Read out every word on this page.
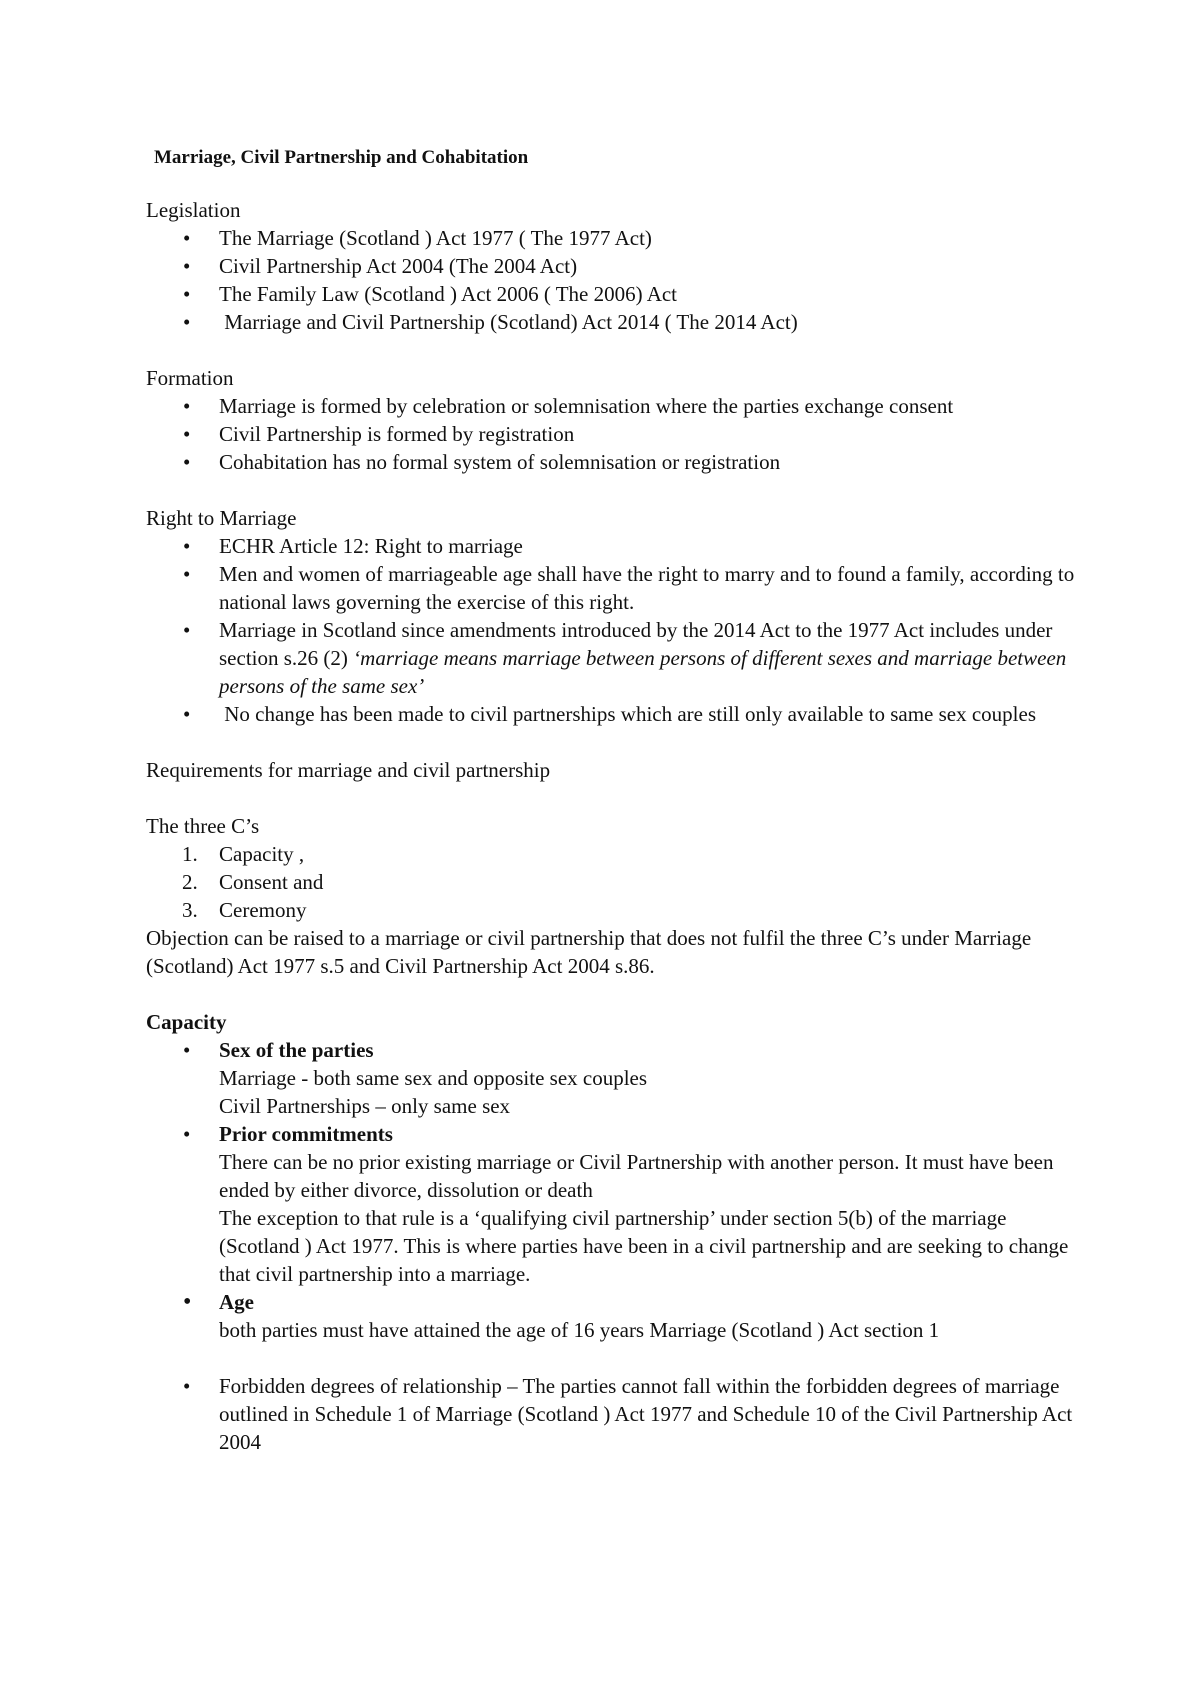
Marriage, Civil Partnership and Cohabitation

Legislation

• The Marriage (Scotland ) Act 1977 ( The 1977 Act)
• Civil Partnership Act 2004 (The 2004 Act)
• The Family Law (Scotland ) Act 2006 ( The 2006) Act
• Marriage and Civil Partnership (Scotland) Act 2014 ( The 2014 Act)

Formation

• Marriage is formed by celebration or solemnisation where the parties exchange consent
• Civil Partnership is formed by registration
• Cohabitation has no formal system of solemnisation or registration

Right to Marriage

• ECHR Article 12: Right to marriage
• Men and women of marriageable age shall have the right to marry and to found a family, according to national laws governing the exercise of this right.
• Marriage in Scotland since amendments introduced by the 2014 Act to the 1977 Act includes under section s.26 (2) ‘marriage means marriage between persons of different sexes and marriage between persons of the same sex’
• No change has been made to civil partnerships which are still only available to same sex couples

Requirements for marriage and civil partnership

The three C’s

1. Capacity ,
2. Consent and
3. Ceremony

Objection can be raised to a marriage or civil partnership that does not fulfil the three C’s under Marriage (Scotland) Act 1977 s.5 and Civil Partnership Act 2004 s.86.

Capacity

• Sex of the parties
Marriage - both same sex and opposite sex couples
Civil Partnerships – only same sex
• Prior commitments
There can be no prior existing marriage or Civil Partnership with another person. It must have been ended by either divorce, dissolution or death
The exception to that rule is a ‘qualifying civil partnership’ under section 5(b) of the marriage (Scotland ) Act 1977. This is where parties have been in a civil partnership and are seeking to change that civil partnership into a marriage.
• Age
both parties must have attained the age of 16 years Marriage (Scotland ) Act section 1
• Forbidden degrees of relationship – The parties cannot fall within the forbidden degrees of marriage outlined in Schedule 1 of Marriage (Scotland ) Act 1977 and Schedule 10 of the Civil Partnership Act 2004
